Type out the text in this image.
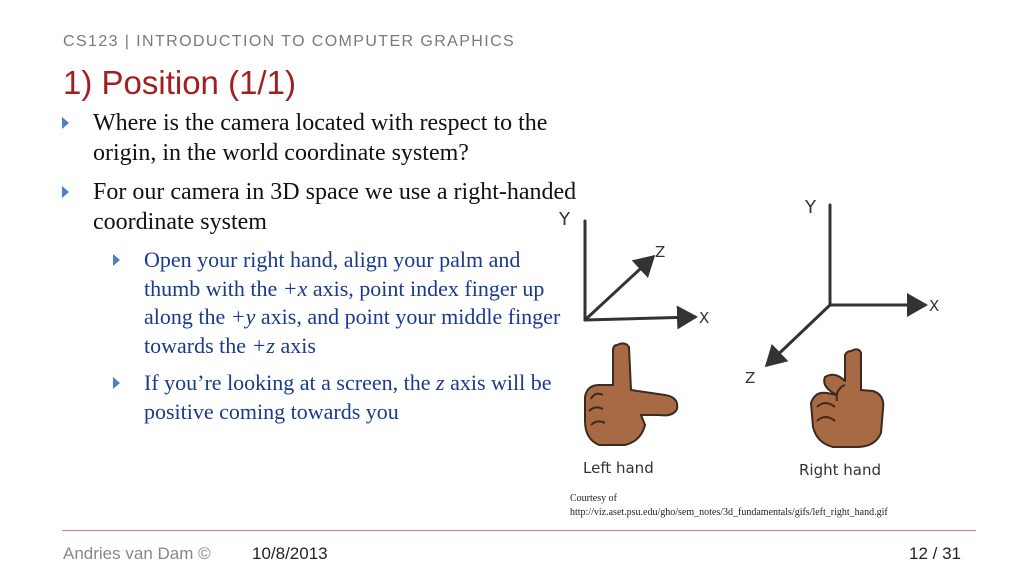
CS123 | INTRODUCTION TO COMPUTER GRAPHICS
1) Position (1/1)
Where is the camera located with respect to the origin, in the world coordinate system?
For our camera in 3D space we use a right-handed coordinate system
Open your right hand, align your palm and thumb with the +x axis, point index finger up along the +y axis, and point your middle finger towards the +z axis
If you’re looking at a screen, the z axis will be positive coming towards you
Y
Z
X
Y
X
Z
Left hand	Right hand
Courtesy of
http://viz.aset.psu.edu/gho/sem_notes/3d_fundamentals/gifs/left_right_hand.gif
Andries van Dam © 10/8/2013	12 / 31
